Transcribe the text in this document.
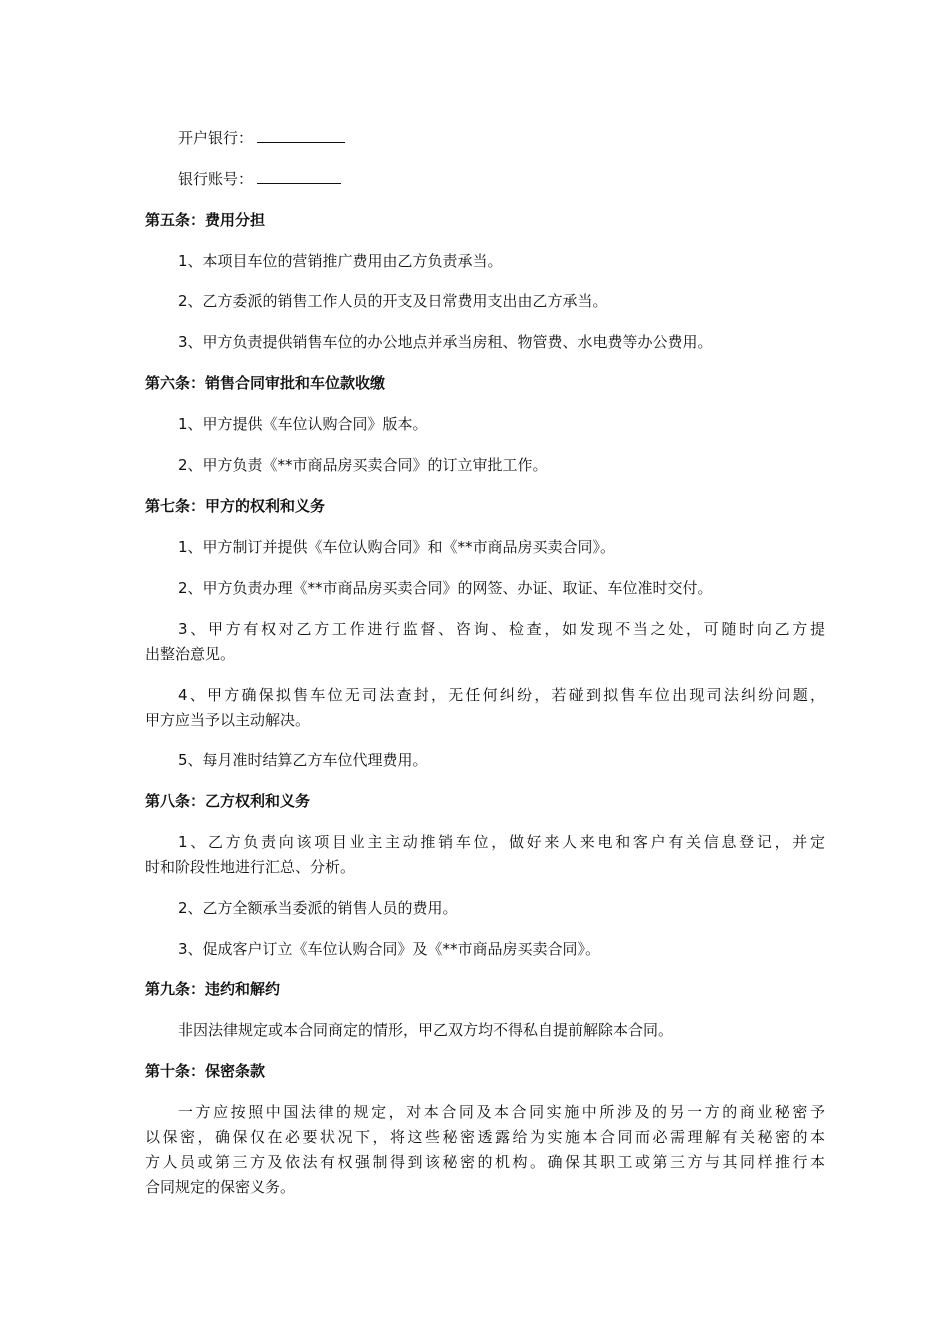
开户银行：
银行账号：
第五条：费用分担
1、本项目车位的营销推广费用由乙方负责承当。
2、乙方委派的销售工作人员的开支及日常费用支出由乙方承当。
3、甲方负责提供销售车位的办公地点并承当房租、物管费、水电费等办公费用。
第六条：销售合同审批和车位款收缴
1、甲方提供《车位认购合同》版本。
2、甲方负责《**市商品房买卖合同》的订立审批工作。
第七条：甲方的权利和义务
1、甲方制订并提供《车位认购合同》和《**市商品房买卖合同》。
2、甲方负责办理《**市商品房买卖合同》的网签、办证、取证、车位准时交付。
3、甲方有权对乙方工作进行监督、咨询、检查，如发现不当之处，可随时向乙方提
出整治意见。
4、甲方确保拟售车位无司法查封，无任何纠纷，若碰到拟售车位出现司法纠纷问题，
甲方应当予以主动解决。
5、每月准时结算乙方车位代理费用。
第八条：乙方权利和义务
1、乙方负责向该项目业主主动推销车位，做好来人来电和客户有关信息登记，并定
时和阶段性地进行汇总、分析。
2、乙方全额承当委派的销售人员的费用。
3、促成客户订立《车位认购合同》及《**市商品房买卖合同》。
第九条：违约和解约
非因法律规定或本合同商定的情形，甲乙双方均不得私自提前解除本合同。
第十条：保密条款
一方应按照中国法律的规定，对本合同及本合同实施中所涉及的另一方的商业秘密予
以保密，确保仅在必要状况下，将这些秘密透露给为实施本合同而必需理解有关秘密的本
方人员或第三方及依法有权强制得到该秘密的机构。确保其职工或第三方与其同样推行本
合同规定的保密义务。
